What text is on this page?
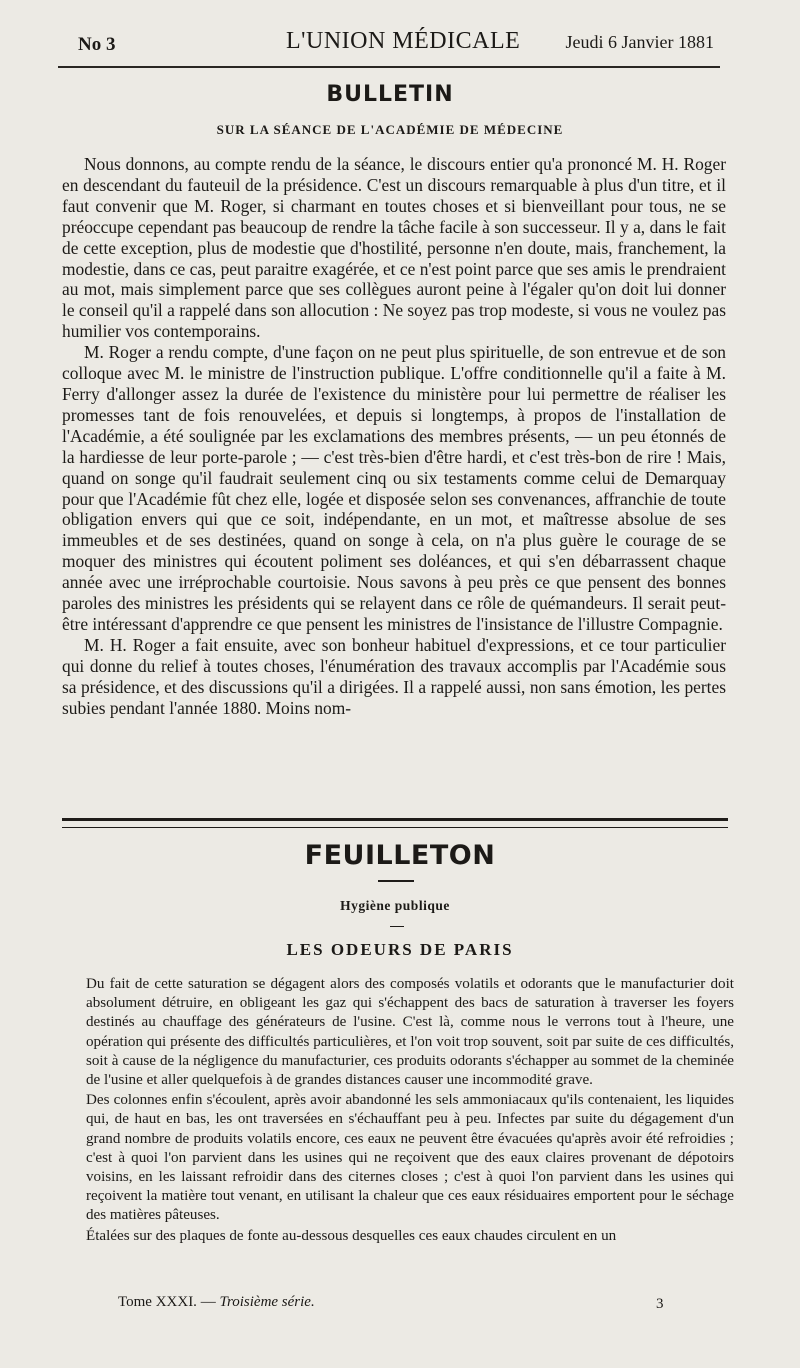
No 3	L'UNION MÉDICALE	Jeudi 6 Janvier 1881
BULLETIN
SUR LA SÉANCE DE L'ACADÉMIE DE MÉDECINE

Nous donnons, au compte rendu de la séance, le discours entier qu'a prononcé M. H. Roger en descendant du fauteuil de la présidence. C'est un discours remarquable à plus d'un titre, et il faut convenir que M. Roger, si charmant en toutes choses et si bienveillant pour tous, ne se préoccupe cependant pas beaucoup de rendre la tâche facile à son successeur. Il y a, dans le fait de cette exception, plus de modestie que d'hostilité, personne n'en doute, mais, franchement, la modestie, dans ce cas, peut paraitre exagérée, et ce n'est point parce que ses amis le prendraient au mot, mais simplement parce que ses collègues auront peine à l'égaler qu'on doit lui donner le conseil qu'il a rappelé dans son allocution : Ne soyez pas trop modeste, si vous ne voulez pas humilier vos contemporains.

M. Roger a rendu compte, d'une façon on ne peut plus spirituelle, de son entrevue et de son colloque avec M. le ministre de l'instruction publique. L'offre conditionnelle qu'il a faite à M. Ferry d'allonger assez la durée de l'existence du ministère pour lui permettre de réaliser les promesses tant de fois renouvelées, et depuis si longtemps, à propos de l'installation de l'Académie, a été soulignée par les exclamations des membres présents, — un peu étonnés de la hardiesse de leur porte-parole ; — c'est très-bien d'être hardi, et c'est très-bon de rire ! Mais, quand on songe qu'il faudrait seulement cinq ou six testaments comme celui de Demarquay pour que l'Académie fût chez elle, logée et disposée selon ses convenances, affranchie de toute obligation envers qui que ce soit, indépendante, en un mot, et maîtresse absolue de ses immeubles et de ses destinées, quand on songe à cela, on n'a plus guère le courage de se moquer des ministres qui écoutent poliment ses doléances, et qui s'en débarrassent chaque année avec une irréprochable courtoisie. Nous savons à peu près ce que pensent des bonnes paroles des ministres les présidents qui se relayent dans ce rôle de quémandeurs. Il serait peut-être intéressant d'apprendre ce que pensent les ministres de l'insistance de l'illustre Compagnie.

M. H. Roger a fait ensuite, avec son bonheur habituel d'expressions, et ce tour particulier qui donne du relief à toutes choses, l'énumération des travaux accomplis par l'Académie sous sa présidence, et des discussions qu'il a dirigées. Il a rappelé aussi, non sans émotion, les pertes subies pendant l'année 1880. Moins nom-

FEUILLETON
Hygiène publique
LES ODEURS DE PARIS

Du fait de cette saturation se dégagent alors des composés volatils et odorants que le manufacturier doit absolument détruire, en obligeant les gaz qui s'échappent des bacs de saturation à traverser les foyers destinés au chauffage des générateurs de l'usine. C'est là, comme nous le verrons tout à l'heure, une opération qui présente des difficultés particulières, et l'on voit trop souvent, soit par suite de ces difficultés, soit à cause de la négligence du manufacturier, ces produits odorants s'échapper au sommet de la cheminée de l'usine et aller quelquefois à de grandes distances causer une incommodité grave.

Des colonnes enfin s'écoulent, après avoir abandonné les sels ammoniacaux qu'ils contenaient, les liquides qui, de haut en bas, les ont traversées en s'échauffant peu à peu. Infectes par suite du dégagement d'un grand nombre de produits volatils encore, ces eaux ne peuvent être évacuées qu'après avoir été refroidies ; c'est à quoi l'on parvient dans les usines qui ne reçoivent que des eaux claires provenant de dépotoirs voisins, en les laissant refroidir dans des citernes closes ; c'est à quoi l'on parvient dans les usines qui reçoivent la matière tout venant, en utilisant la chaleur que ces eaux résiduaires emportent pour le séchage des matières pâteuses.

Étalées sur des plaques de fonte au-dessous desquelles ces eaux chaudes circulent en un

Tome XXXI. — Troisième série.	3
